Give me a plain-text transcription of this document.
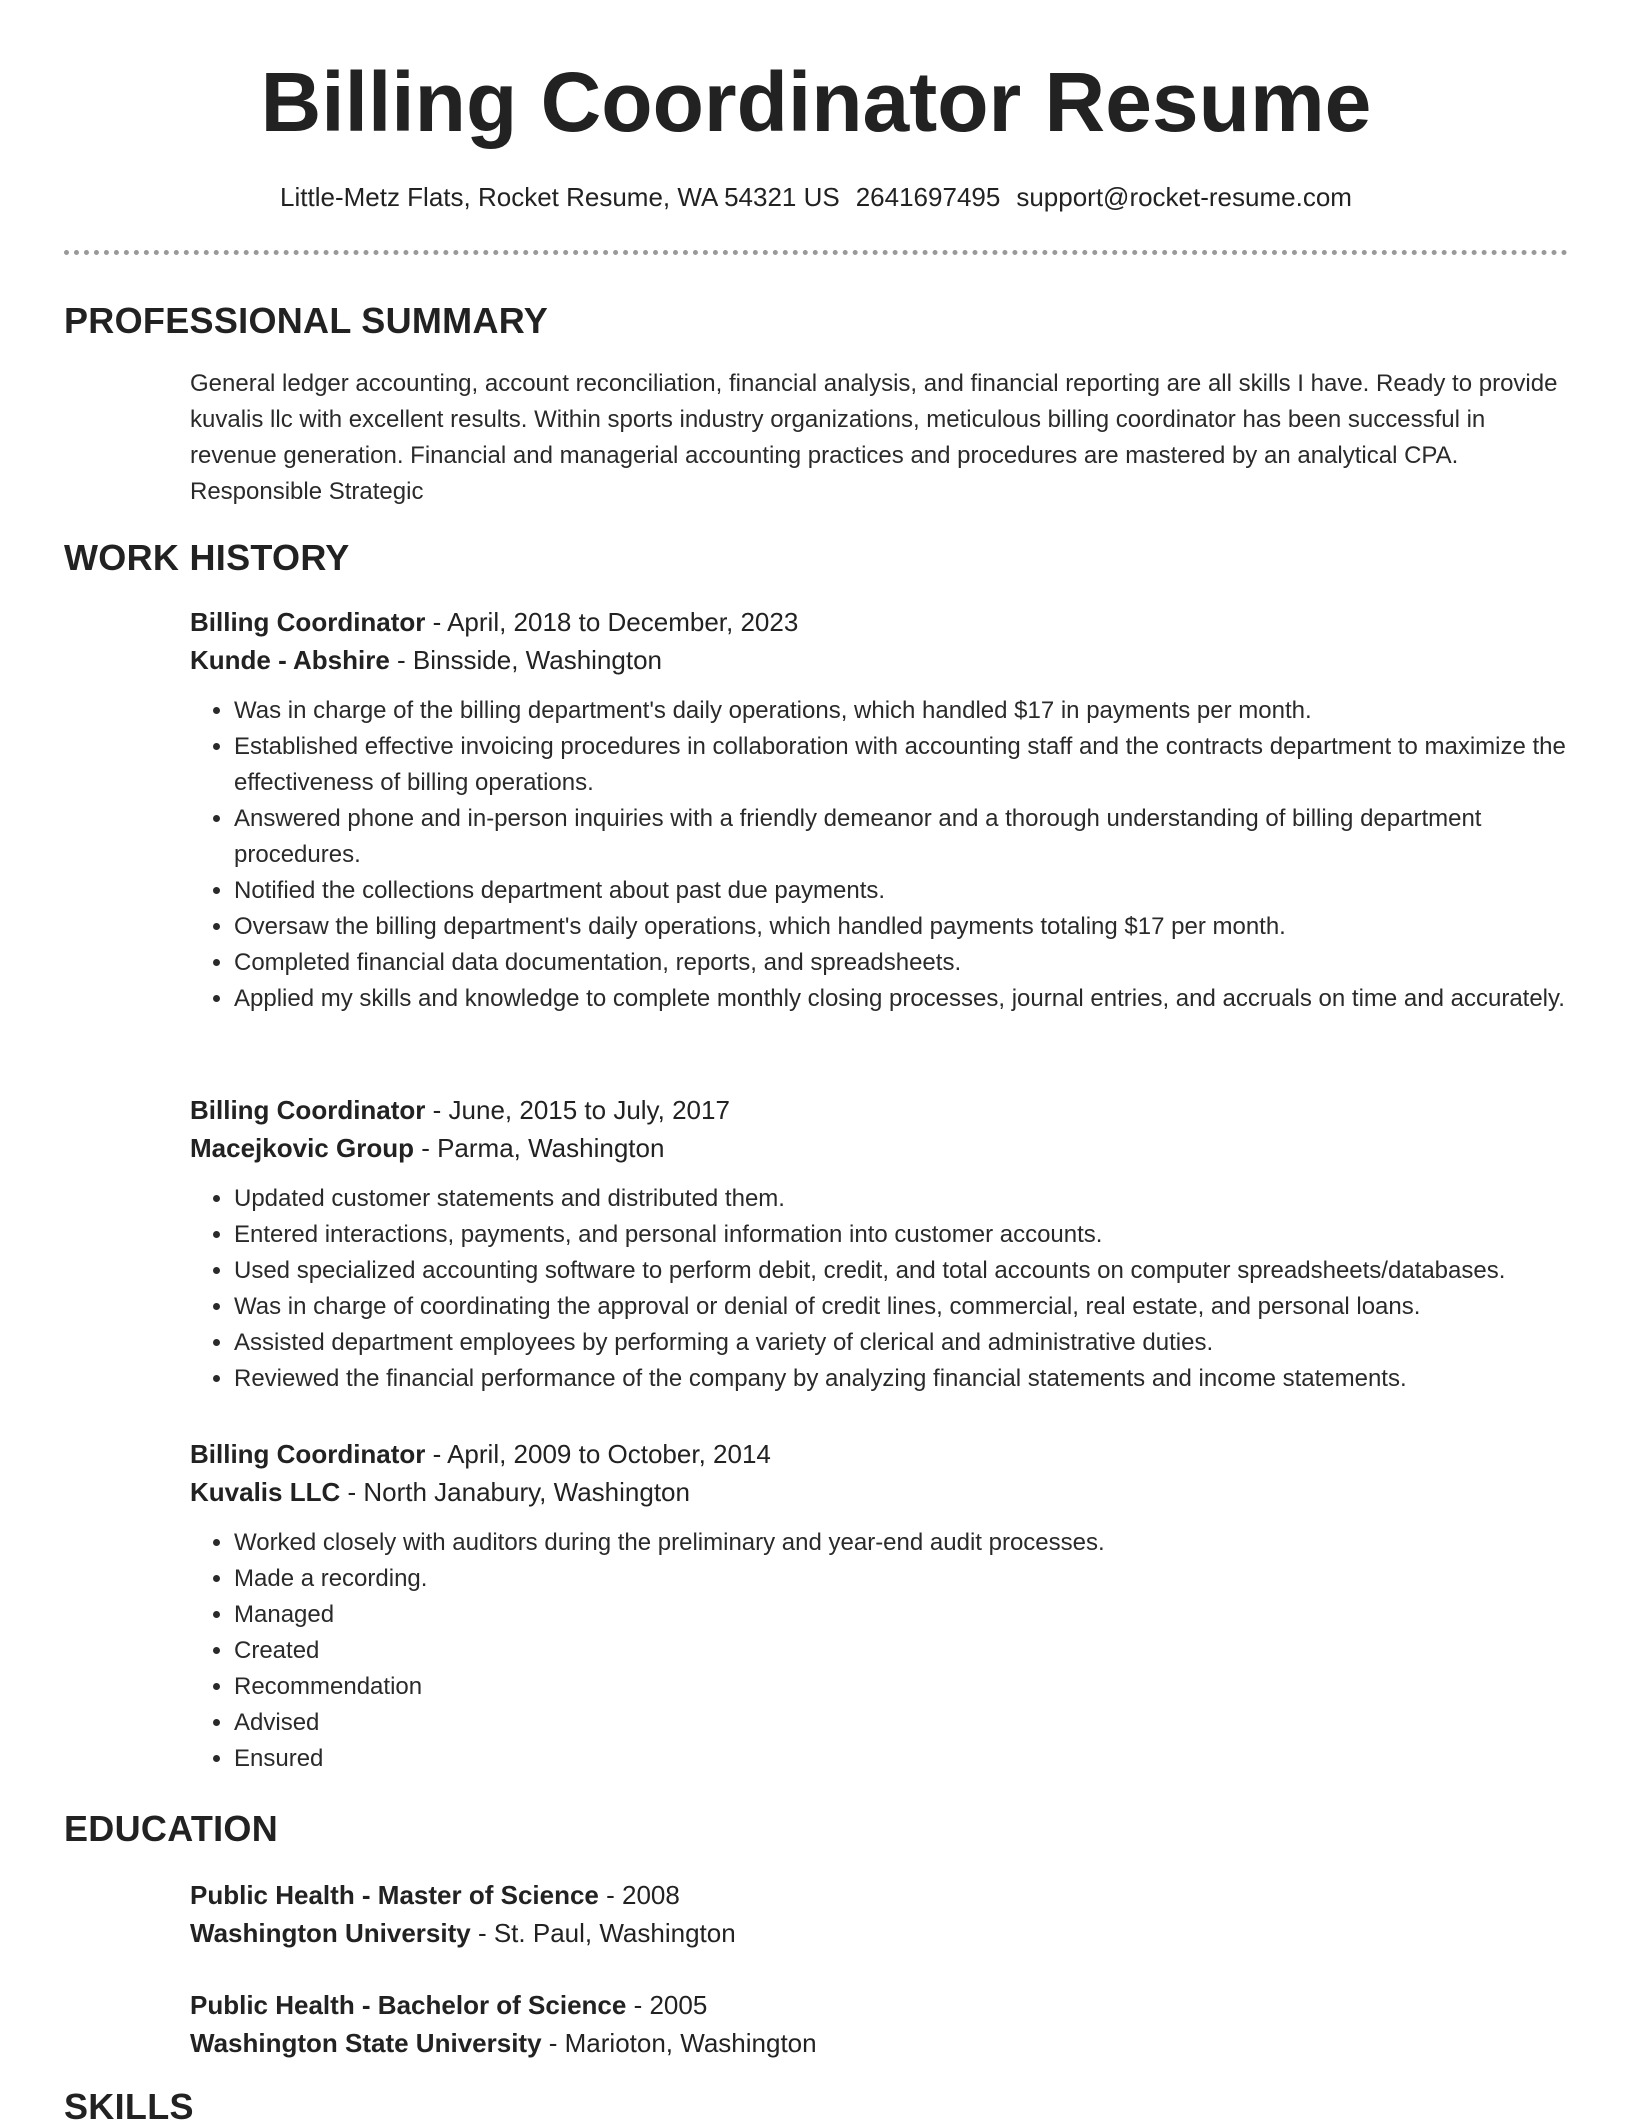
Billing Coordinator Resume
Little-Metz Flats, Rocket Resume, WA 54321 US 2641697495 support@rocket-resume.com
PROFESSIONAL SUMMARY

General ledger accounting, account reconciliation, financial analysis, and financial reporting are all skills I have. Ready to provide kuvalis llc with excellent results. Within sports industry organizations, meticulous billing coordinator has been successful in revenue generation. Financial and managerial accounting practices and procedures are mastered by an analytical CPA. Responsible Strategic

WORK HISTORY
Billing Coordinator - April, 2018 to December, 2023
Kunde - Abshire - Binsside, Washington
• Was in charge of the billing department's daily operations, which handled $17 in payments per month.
• Established effective invoicing procedures in collaboration with accounting staff and the contracts department to maximize the effectiveness of billing operations.
• Answered phone and in-person inquiries with a friendly demeanor and a thorough understanding of billing department procedures.
• Notified the collections department about past due payments.
• Oversaw the billing department's daily operations, which handled payments totaling $17 per month.
• Completed financial data documentation, reports, and spreadsheets.
• Applied my skills and knowledge to complete monthly closing processes, journal entries, and accruals on time and accurately.
Billing Coordinator - June, 2015 to July, 2017
Macejkovic Group - Parma, Washington
• Updated customer statements and distributed them.
• Entered interactions, payments, and personal information into customer accounts.
• Used specialized accounting software to perform debit, credit, and total accounts on computer spreadsheets/databases.
• Was in charge of coordinating the approval or denial of credit lines, commercial, real estate, and personal loans.
• Assisted department employees by performing a variety of clerical and administrative duties.
• Reviewed the financial performance of the company by analyzing financial statements and income statements.
Billing Coordinator - April, 2009 to October, 2014
Kuvalis LLC - North Janabury, Washington
• Worked closely with auditors during the preliminary and year-end audit processes.
• Made a recording.
• Managed
• Created
• Recommendation
• Advised
• Ensured
EDUCATION
Public Health - Master of Science - 2008
Washington University - St. Paul, Washington
Public Health - Bachelor of Science - 2005
Washington State University - Marioton, Washington
SKILLS
